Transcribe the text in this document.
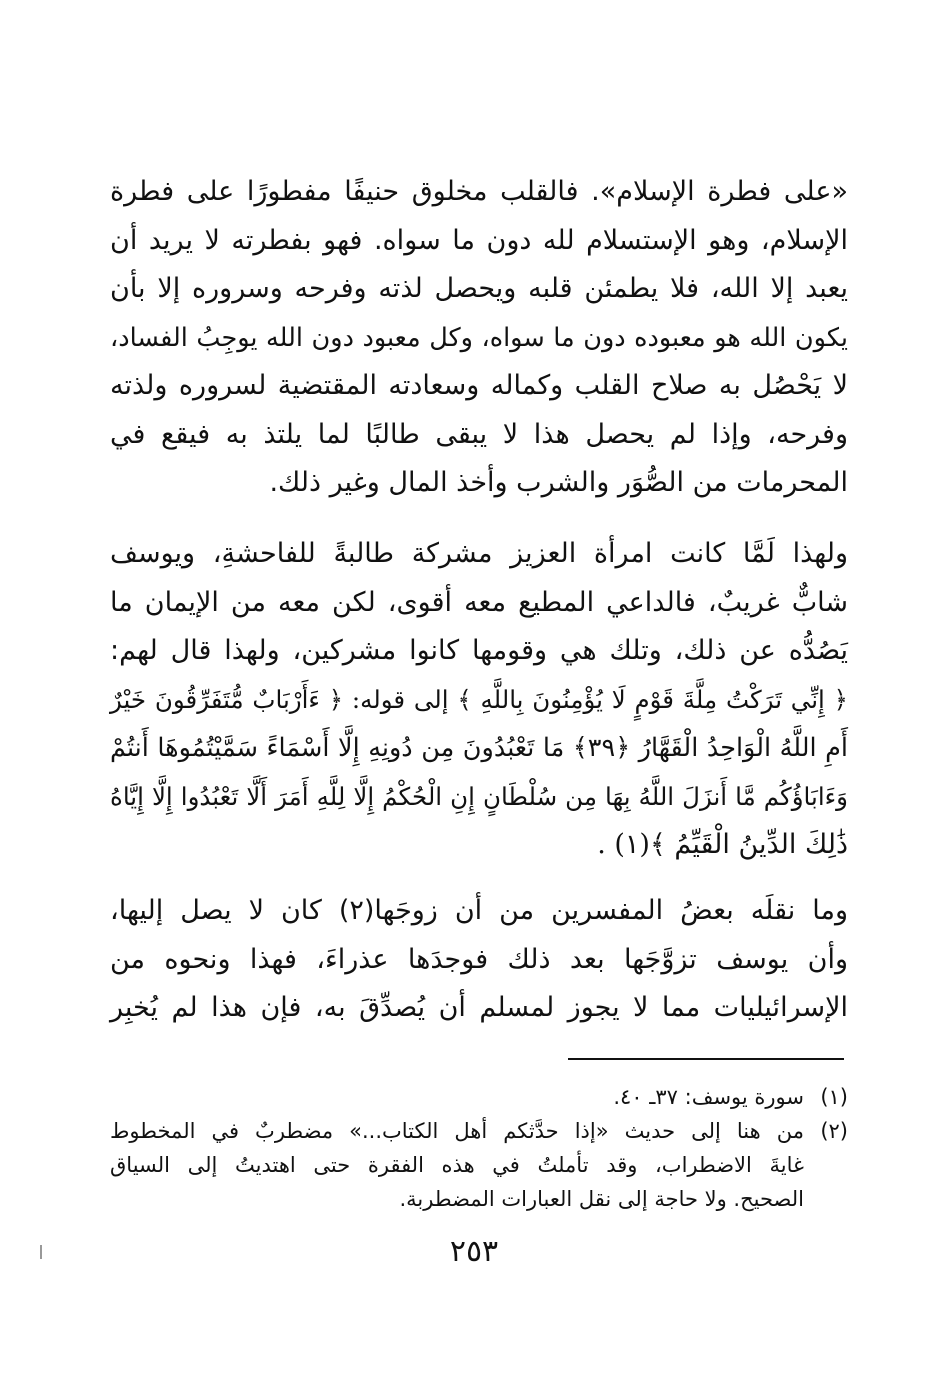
«على فطرة الإسلام». فالقلب مخلوق حنيفًا مفطورًا على فطرة
الإسلام، وهو الإستسلام لله دون ما سواه. فهو بفطرته لا يريد أن
يعبد إلا الله، فلا يطمئن قلبه ويحصل لذته وفرحه وسروره إلا بأن
يكون الله هو معبوده دون ما سواه، وكل معبود دون الله يوجِبُ الفساد،
لا يَحْصُل به صلاح القلب وكماله وسعادته المقتضية لسروره ولذته
وفرحه، وإذا لم يحصل هذا لا يبقى طالبًا لما يلتذ به فيقع في
المحرمات من الصُّوَر والشرب وأخذ المال وغير ذلك.
ولهذا لَمَّا كانت امرأة العزيز مشركة طالبةً للفاحشةِ، ويوسف
شابٌّ غريبٌ، فالداعي المطيع معه أقوى، لكن معه من الإيمان ما
يَصُدُّه عن ذلك، وتلك هي وقومها كانوا مشركين، ولهذا قال لهم:
﴿ إِنِّي تَرَكْتُ مِلَّةَ قَوْمٍ لَا يُؤْمِنُونَ بِاللَّهِ ﴾ إلى قوله: ﴿ ءَأَرْبَابٌ مُّتَفَرِّقُونَ خَيْرٌ
أَمِ اللَّهُ الْوَاحِدُ الْقَهَّارُ ﴿٣٩﴾ مَا تَعْبُدُونَ مِن دُونِهِ إِلَّا أَسْمَاءً سَمَّيْتُمُوهَا أَنتُمْ
وَءَابَاؤُكُم مَّا أَنزَلَ اللَّهُ بِهَا مِن سُلْطَانٍ إِنِ الْحُكْمُ إِلَّا لِلَّهِ أَمَرَ أَلَّا تَعْبُدُوا إِلَّا إِيَّاهُ
ذَٰلِكَ الدِّينُ الْقَيِّمُ ﴾(١) .
وما نقلَه بعضُ المفسرين من أن زوجَها(٢) كان لا يصل إليها،
وأن يوسف تزوَّجَها بعد ذلك فوجدَها عذراءَ، فهذا ونحوه من
الإسرائيليات مما لا يجوز لمسلم أن يُصدِّقَ به، فإن هذا لم يُخبِر
(١)
سورة يوسف: ٣٧ـ ٤٠.
(٢)
من هنا إلى حديث «إذا حدَّثكم أهل الكتاب...» مضطربٌ في المخطوط
غايةَ الاضطراب، وقد تأملتُ في هذه الفقرة حتى اهتديتُ إلى السياق
الصحيح. ولا حاجة إلى نقل العبارات المضطربة.
٢٥٣
